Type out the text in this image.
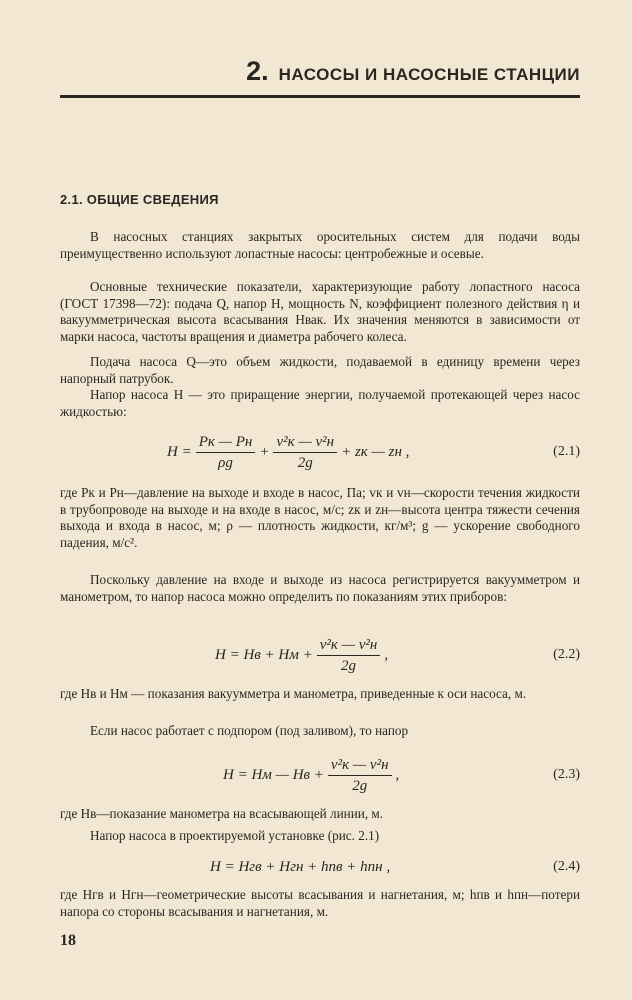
2. НАСОСЫ И НАСОСНЫЕ СТАНЦИИ
2.1. ОБЩИЕ СВЕДЕНИЯ
В насосных станциях закрытых оросительных систем для подачи воды преимущественно используют лопастные насосы: центробежные и осевые.
Основные технические показатели, характеризующие работу лопастного насоса (ГОСТ 17398—72): подача Q, напор H, мощность N, коэффициент полезного действия η и вакуумметрическая высота всасывания Hвак. Их значения меняются в зависимости от марки насоса, частоты вращения и диаметра рабочего колеса.
Подача насоса Q—это объем жидкости, подаваемой в единицу времени через напорный патрубок.
Напор насоса H — это приращение энергии, получаемой протекающей через насос жидкостью:
$H = \frac{Pк — Pн}{\rho g} + \frac{\text{v²к — v²н}}{2g}$ + zк — zн ,	(2.1)
где Pк и Pн—давление на выходе и входе в насос, Па; vк и vн—скорости течения жидкости в трубопроводе на выходе и на входе в насос, м/с; zк и zн—высота центра тяжести сечения выхода и входа в насос, м; ρ — плотность жидкости, кг/м³; g — ускорение свободного падения, м/с².
Поскольку давление на входе и выходе из насоса регистрируется вакуумметром и манометром, то напор насоса можно определить по показаниям этих приборов:
H = Hв + Hм + $\frac{\text{v²к — v²н}}{2g}$ ,	(2.2)
где Hв и Hм — показания вакуумметра и манометра, приведенные к оси насоса, м.
Если насос работает с подпором (под заливом), то напор
H = Hм — Hв + $\frac{\text{v²к — v²н}}{2g}$ ,	(2.3)
где Hв—показание манометра на всасывающей линии, м.
Напор насоса в проектируемой установке (рис. 2.1)
H = Hгв + Hгн + hпв + hпн ,	(2.4)
где Hгв и Hгн—геометрические высоты всасывания и нагнетания, м; hпв и hпн—потери напора со стороны всасывания и нагнетания, м.
18
